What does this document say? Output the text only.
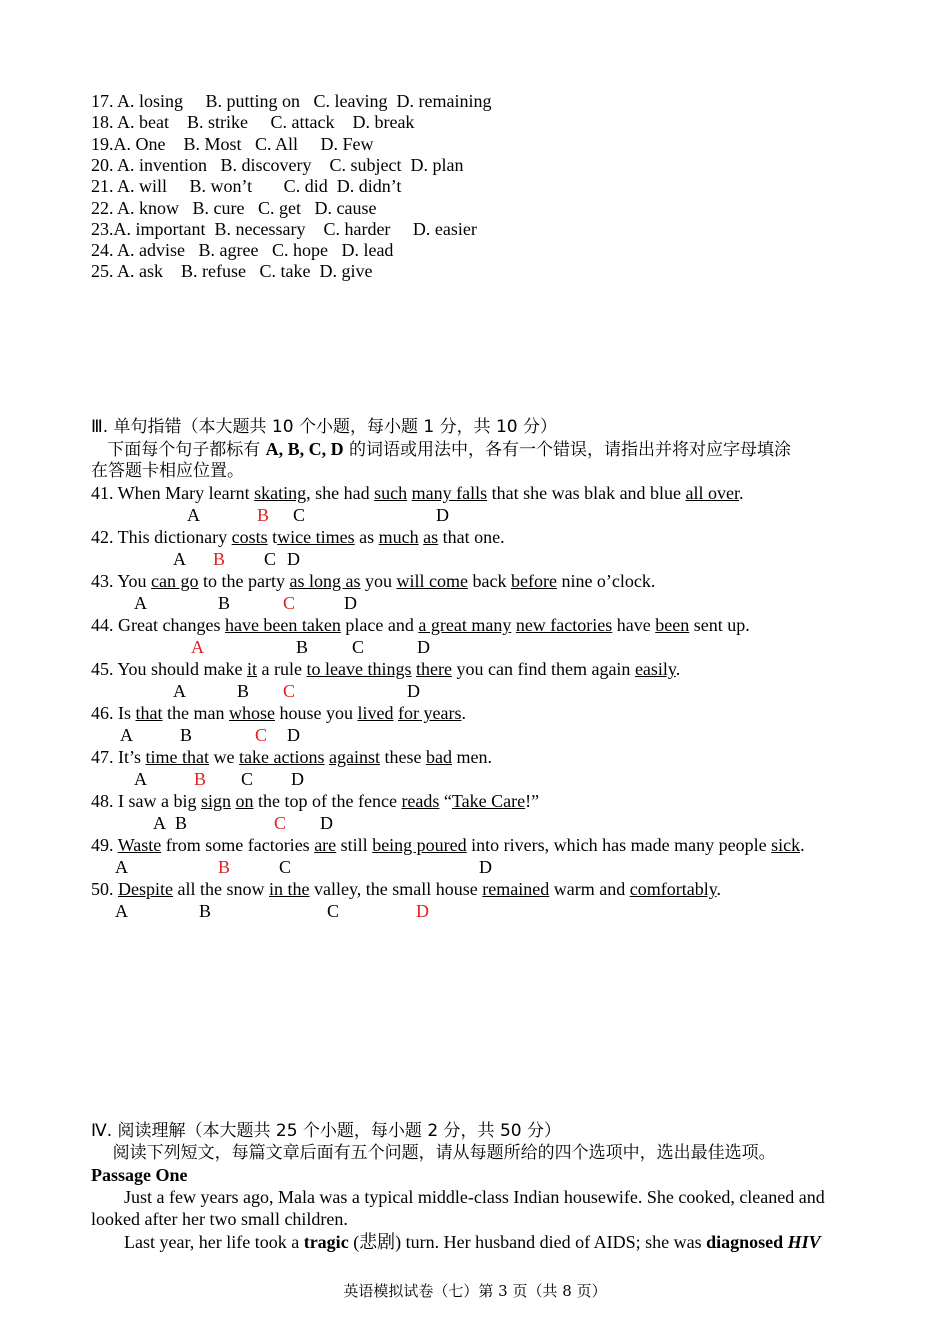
17. A. losing     B. putting on   C. leaving  D. remaining
18. A. beat    B. strike     C. attack    D. break
19.A. One    B. Most   C. All     D. Few
20. A. invention   B. discovery    C. subject  D. plan
21. A. will     B. won’t       C. did  D. didn’t
22. A. know   B. cure   C. get   D. cause
23.A. important  B. necessary    C. harder     D. easier
24. A. advise   B. agree   C. hope   D. lead
25. A. ask    B. refuse   C. take  D. give
Ⅲ. 单句指错（本大题共 10 个小题，每小题 1 分，共 10 分）
下面每个句子都标有 A, B, C, D 的词语或用法中，各有一个错误，请指出并将对应字母填涂
在答题卡相应位置。
41. When Mary learnt skating, she had such many falls that she was blak and blue all over.
A	B C	D
42. This dictionary costs twice times as much as that one.
A B C D
43. You can go to the party as long as you will come back before nine o’clock.
A	B	C	D
44. Great changes have been taken place and a great many new factories have been sent up.
A	B C	D
45. You should make it a rule to leave things there you can find them again easily.
A	B C	D
46. Is that the man whose house you lived for years.
A	B	C D
47. It’s time that we take actions against these bad men.
A	B C D
48. I saw a big sign on the top of the fence reads “Take Care!”
A B	C D
49. Waste from some factories are still being poured into rivers, which has made many people sick.
A	B	C	D
50. Despite all the snow in the valley, the small house remained warm and comfortably.
A	B	C	D
Ⅳ. 阅读理解（本大题共 25 个小题，每小题 2 分，共 50 分）
阅读下列短文，每篇文章后面有五个问题，请从每题所给的四个选项中，选出最佳选项。
Passage One
Just a few years ago, Mala was a typical middle-class Indian housewife. She cooked, cleaned and looked after her two small children.
Last year, her life took a tragic (悲剧) turn. Her husband died of AIDS; she was diagnosed HIV
英语模拟试卷（七）第 3 页（共 8 页）
